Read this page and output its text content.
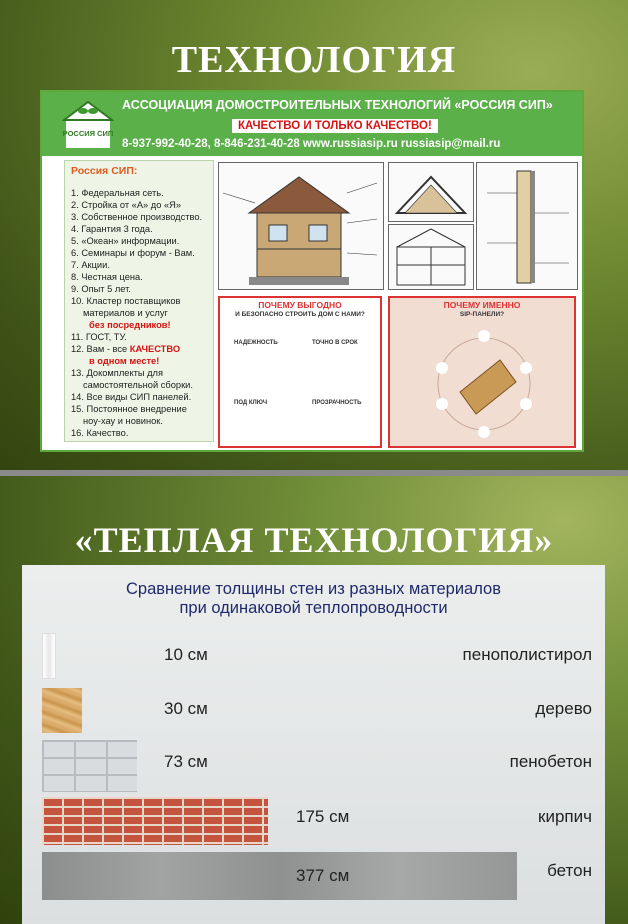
ТЕХНОЛОГИЯ
РОССИЯ СИП
АССОЦИАЦИЯ ДОМОСТРОИТЕЛЬНЫХ ТЕХНОЛОГИЙ «РОССИЯ СИП»
КАЧЕСТВО И ТОЛЬКО КАЧЕСТВО!
8-937-992-40-28, 8-846-231-40-28 www.russiasip.ru russiasip@mail.ru
Россия СИП:
1. Федеральная сеть.
2. Стройка от «А» до «Я»
3. Собственное производство.
4. Гарантия 3 года.
5. «Океан» информации.
6. Семинары и форум - Вам.
7. Акции.
8. Честная цена.
9. Опыт 5 лет.
10. Кластер поставщиков
материалов и услуг
без посредников!
11. ГОСТ, ТУ.
12. Вам - все КАЧЕСТВО
в одном месте!
13. Докомплекты для
самостоятельной сборки.
14. Все виды СИП панелей.
15. Постоянное внедрение
ноу-хау и новинок.
16. Качество.
ПОЧЕМУ ВЫГОДНО
И БЕЗОПАСНО СТРОИТЬ ДОМ С НАМИ?
НАДЕЖНОСТЬ	ТОЧНО В СРОК
ПОД КЛЮЧ	ПРОЗРАЧНОСТЬ
ПОЧЕМУ ИМЕННО
SIP-ПАНЕЛИ?
«ТЕПЛАЯ ТЕХНОЛОГИЯ»
Сравнение толщины стен из разных материалов
при одинаковой теплопроводности
10 см	пенополистирол
30 см	дерево
73 см	пенобетон
175 см	кирпич
377 см	бетон
